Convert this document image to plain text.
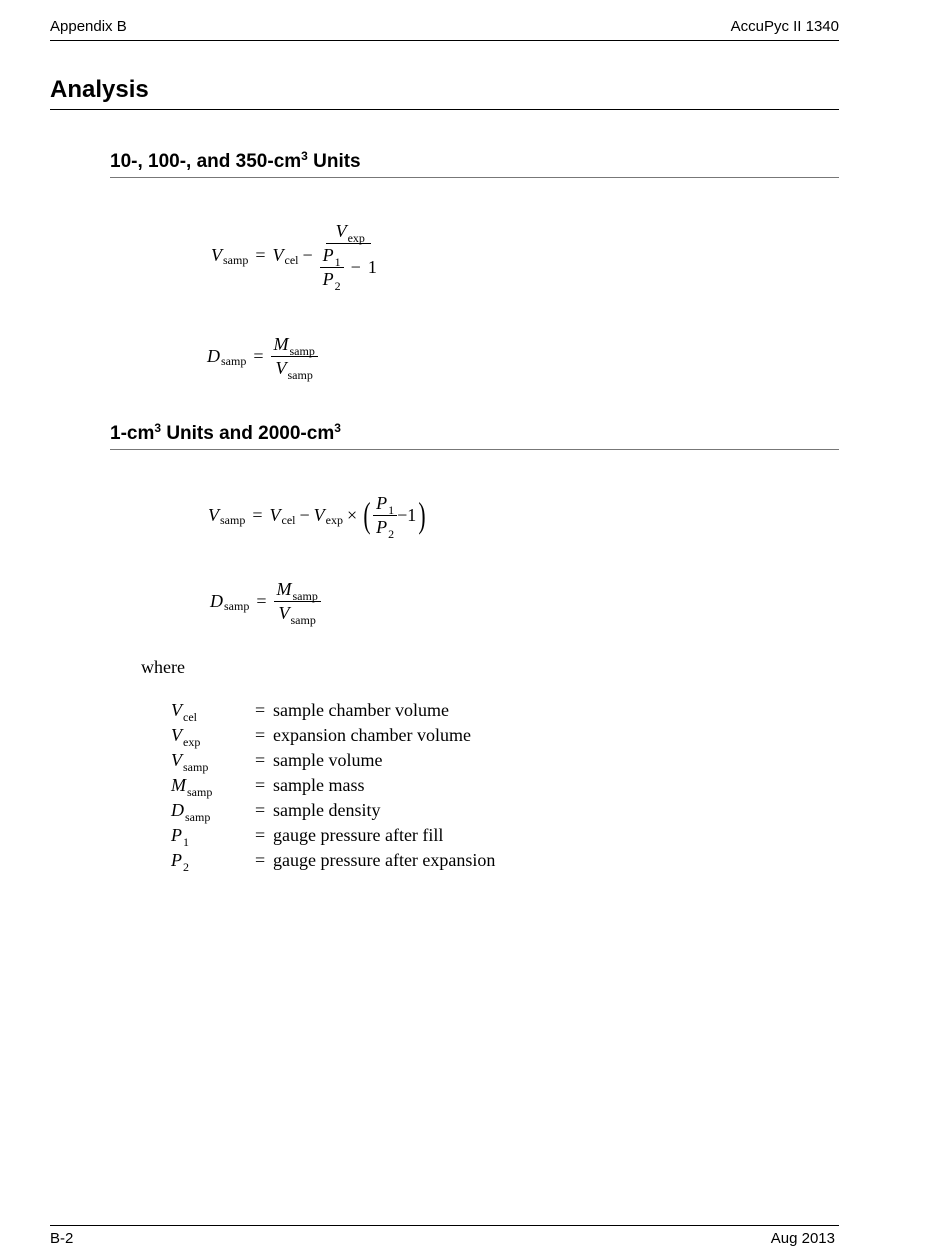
Appendix B	AccuPyc II 1340
Analysis
10-, 100-, and $350-cm^3$ Units
V samp = V cel − $\frac{V_{exp}}{\frac{P_1}{P_2} - 1}$
D samp = $\frac{M_{samp}}{V_{samp}}$
$1-cm^3$ Units and $2000-cm^3$
V samp = V cel − V exp × ( $\frac{P_1}{P_2} - 1$ )
D samp = $\frac{M_{samp}}{V_{samp}}$
where
$V_{cel}$	= sample chamber volume
$V_{exp}$	= expansion chamber volume
$V_{samp}$	= sample volume
$M_{samp}$	= sample mass
$D_{samp}$	= sample density
$P_1$	= gauge pressure after fill
$P_2$	= gauge pressure after expansion
B-2	Aug 2013
